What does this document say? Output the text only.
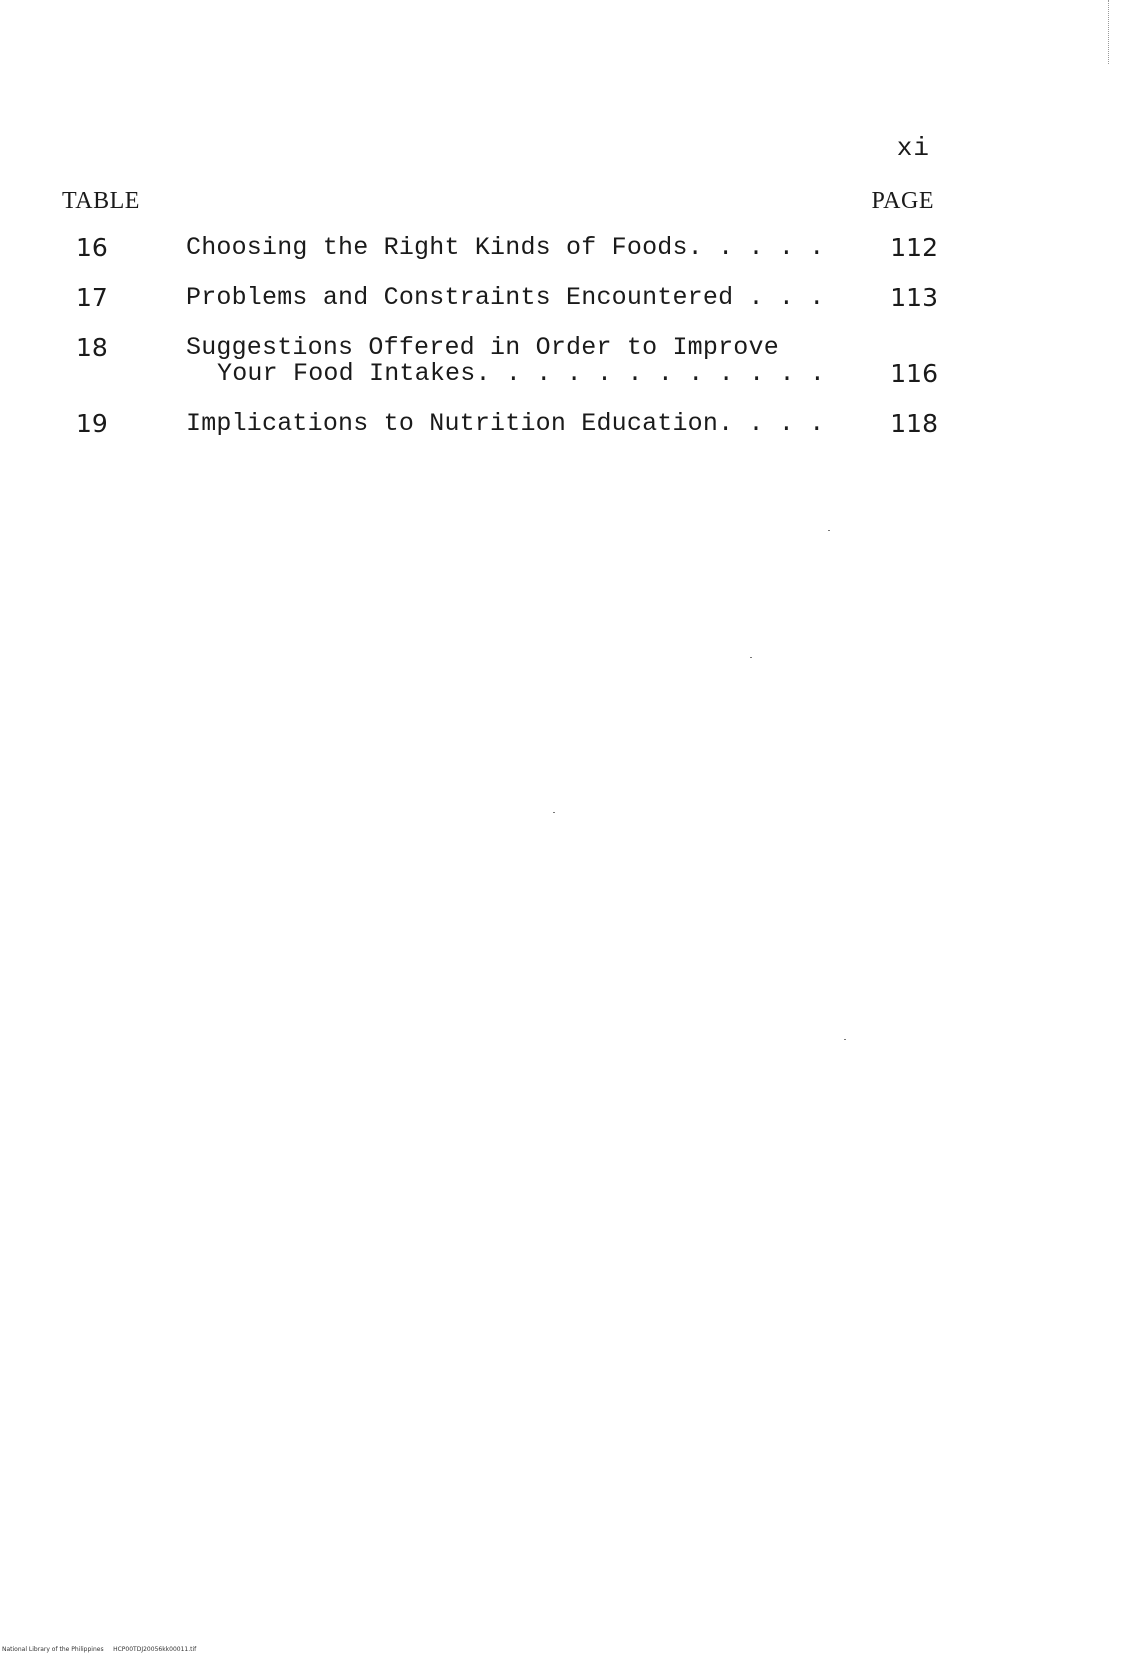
xi
TABLE	PAGE
16	Choosing the Right Kinds of Foods. . . . .	112
17	Problems and Constraints Encountered . . .	113
18	Suggestions Offered in Order to Improve
Your Food Intakes. . . . . . . . . . . .	116
19	Implications to Nutrition Education. . . .	118
National Library of the Philippines     HCP00TDJ20056kk00011.tif
